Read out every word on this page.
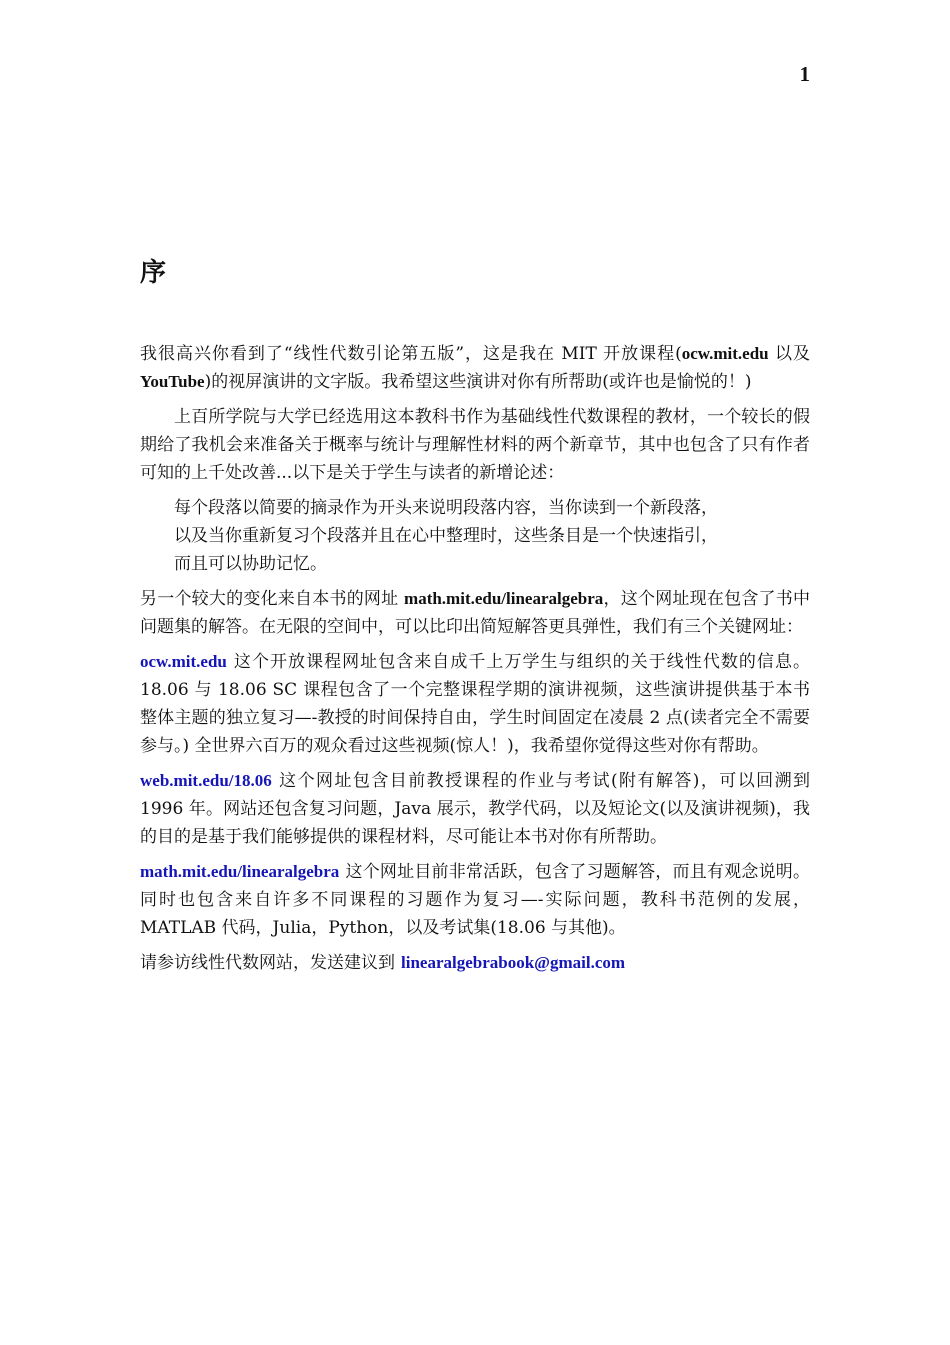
1
序

我很高兴你看到了“线性代数引论第五版”，这是我在 MIT 开放课程(ocw.mit.edu 以及 YouTube)的视屏演讲的文字版。我希望这些演讲对你有所帮助(或许也是愉悦的！)

上百所学院与大学已经选用这本教科书作为基础线性代数课程的教材，一个较长的假期给了我机会来准备关于概率与统计与理解性材料的两个新章节，其中也包含了只有作者可知的上千处改善...以下是关于学生与读者的新增论述：

每个段落以简要的摘录作为开头来说明段落内容，当你读到一个新段落，
以及当你重新复习个段落并且在心中整理时，这些条目是一个快速指引，
而且可以协助记忆。

另一个较大的变化来自本书的网址 math.mit.edu/linearalgebra，这个网址现在包含了书中问题集的解答。在无限的空间中，可以比印出简短解答更具弹性，我们有三个关键网址：

ocw.mit.edu 这个开放课程网址包含来自成千上万学生与组织的关于线性代数的信息。18.06 与 18.06 SC 课程包含了一个完整课程学期的演讲视频，这些演讲提供基于本书整体主题的独立复习—-教授的时间保持自由，学生时间固定在凌晨 2 点(读者完全不需要参与。) 全世界六百万的观众看过这些视频(惊人！)，我希望你觉得这些对你有帮助。

web.mit.edu/18.06 这个网址包含目前教授课程的作业与考试(附有解答)，可以回溯到 1996 年。网站还包含复习问题，Java 展示，教学代码，以及短论文(以及演讲视频)，我的目的是基于我们能够提供的课程材料，尽可能让本书对你有所帮助。

math.mit.edu/linearalgebra 这个网址目前非常活跃，包含了习题解答，而且有观念说明。同时也包含来自许多不同课程的习题作为复习—-实际问题，教科书范例的发展，MATLAB 代码，Julia，Python，以及考试集(18.06 与其他)。

请参访线性代数网站，发送建议到 linearalgebrabook@gmail.com
